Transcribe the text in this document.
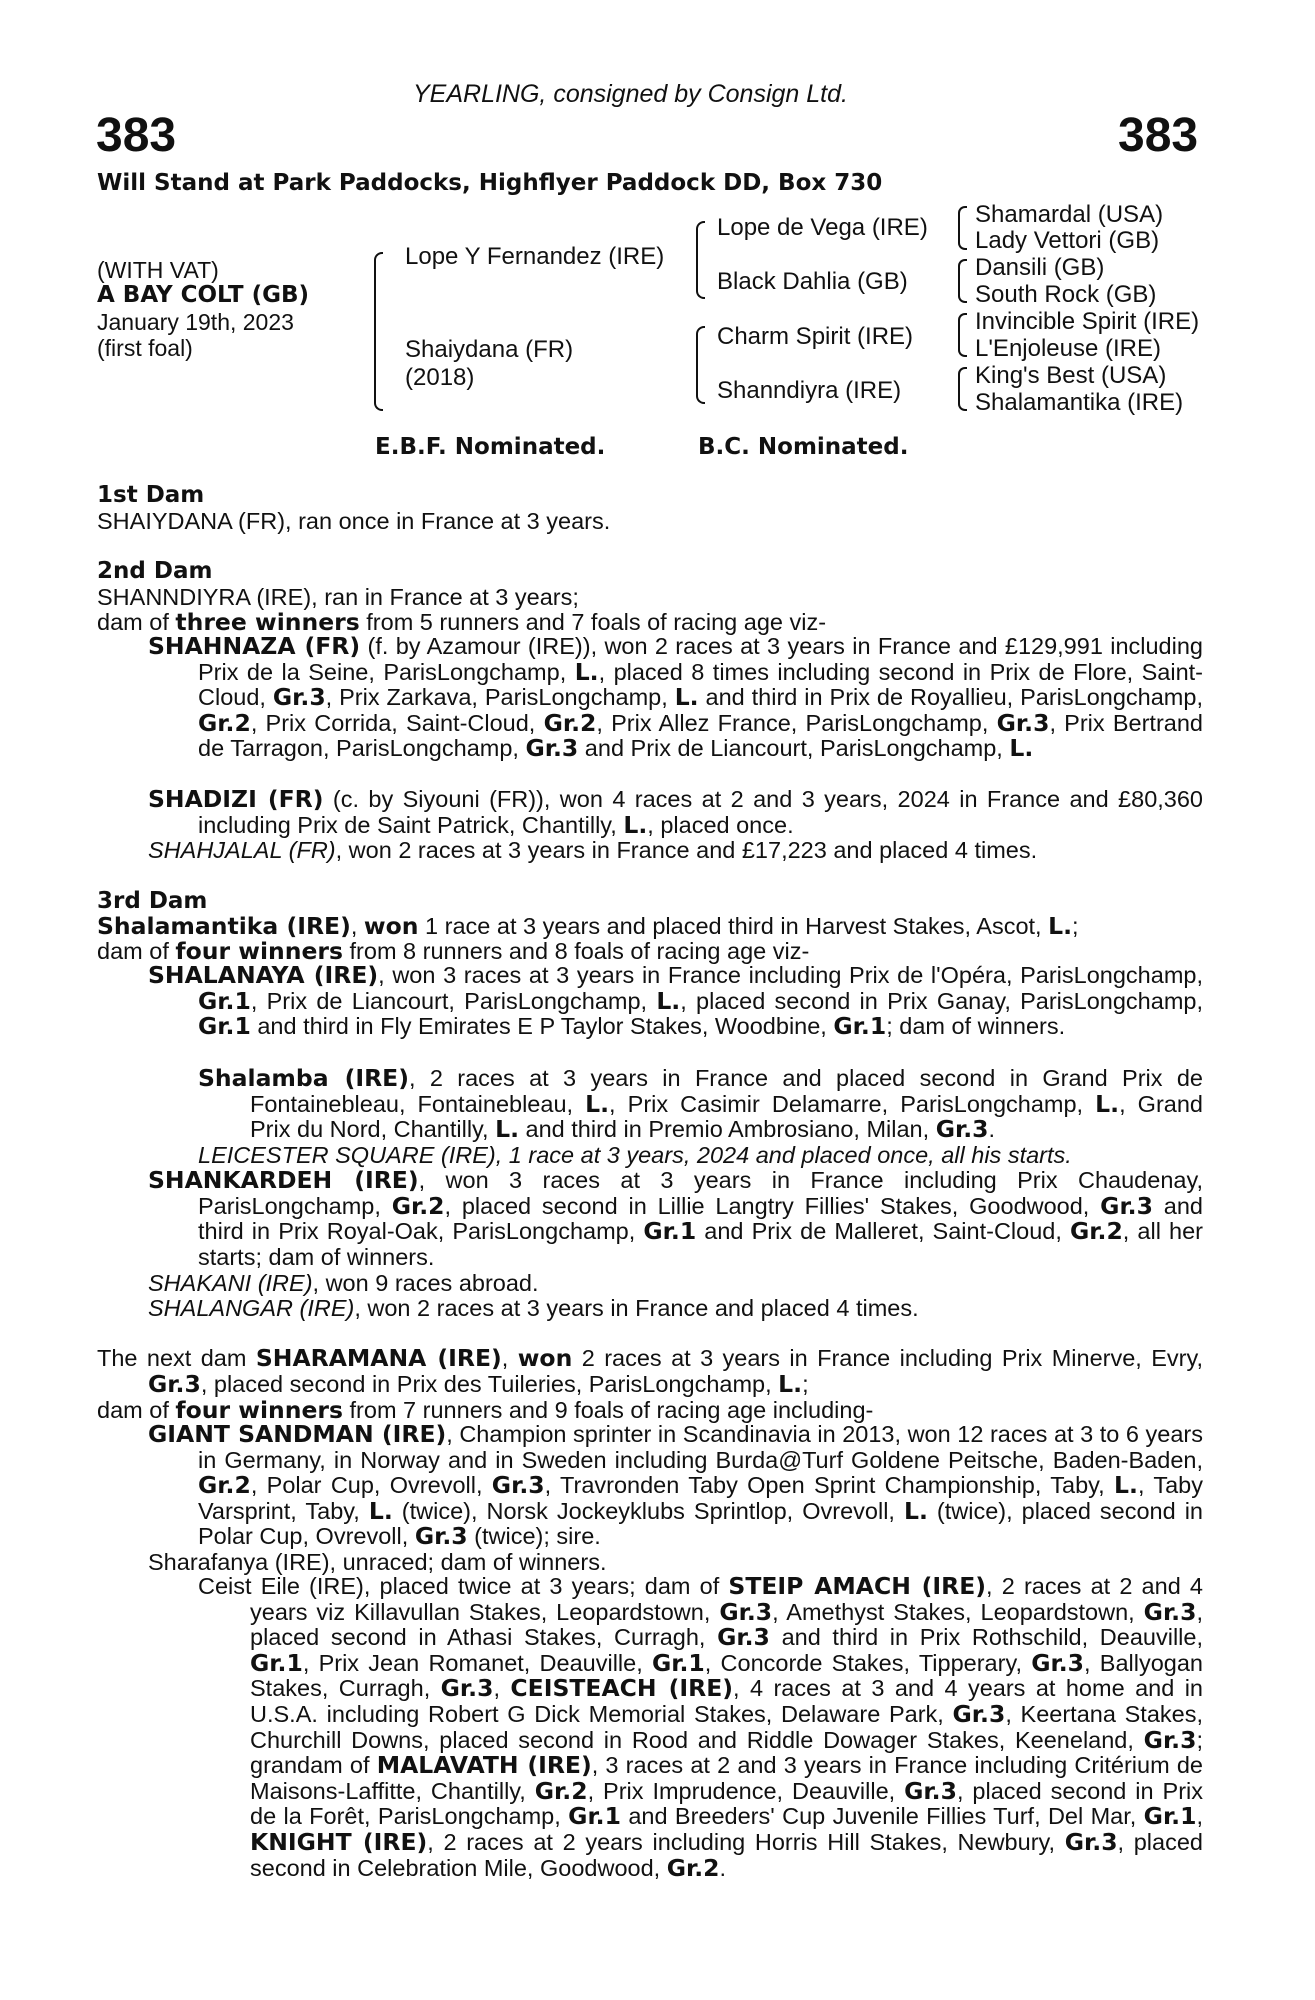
YEARLING, consigned by Consign Ltd.
383	383
Will Stand at Park Paddocks, Highflyer Paddock DD, Box 730
(WITH VAT)
A BAY COLT (GB)
January 19th, 2023
(first foal)
Lope Y Fernandez (IRE)
Shaiydana (FR)
(2018)
Lope de Vega (IRE)
Black Dahlia (GB)
Charm Spirit (IRE)
Shanndiyra (IRE)
Shamardal (USA)
Lady Vettori (GB)
Dansili (GB)
South Rock (GB)
Invincible Spirit (IRE)
L'Enjoleuse (IRE)
King's Best (USA)
Shalamantika (IRE)
E.B.F. Nominated.	B.C. Nominated.
1st Dam
SHAIYDANA (FR), ran once in France at 3 years.
2nd Dam
SHANNDIYRA (IRE), ran in France at 3 years;
dam of three winners from 5 runners and 7 foals of racing age viz-
SHAHNAZA (FR) (f. by Azamour (IRE)), won 2 races at 3 years in France and £129,991 including Prix de la Seine, ParisLongchamp, L., placed 8 times including second in Prix de Flore, Saint-Cloud, Gr.3, Prix Zarkava, ParisLongchamp, L. and third in Prix de Royallieu, ParisLongchamp, Gr.2, Prix Corrida, Saint-Cloud, Gr.2, Prix Allez France, ParisLongchamp, Gr.3, Prix Bertrand de Tarragon, ParisLongchamp, Gr.3 and Prix de Liancourt, ParisLongchamp, L.
SHADIZI (FR) (c. by Siyouni (FR)), won 4 races at 2 and 3 years, 2024 in France and £80,360 including Prix de Saint Patrick, Chantilly, L., placed once.
SHAHJALAL (FR), won 2 races at 3 years in France and £17,223 and placed 4 times.
3rd Dam
Shalamantika (IRE), won 1 race at 3 years and placed third in Harvest Stakes, Ascot, L.;
dam of four winners from 8 runners and 8 foals of racing age viz-
SHALANAYA (IRE), won 3 races at 3 years in France including Prix de l'Opéra, ParisLongchamp, Gr.1, Prix de Liancourt, ParisLongchamp, L., placed second in Prix Ganay, ParisLongchamp, Gr.1 and third in Fly Emirates E P Taylor Stakes, Woodbine, Gr.1; dam of winners.
Shalamba (IRE), 2 races at 3 years in France and placed second in Grand Prix de Fontainebleau, Fontainebleau, L., Prix Casimir Delamarre, ParisLongchamp, L., Grand Prix du Nord, Chantilly, L. and third in Premio Ambrosiano, Milan, Gr.3.
LEICESTER SQUARE (IRE), 1 race at 3 years, 2024 and placed once, all his starts.
SHANKARDEH (IRE), won 3 races at 3 years in France including Prix Chaudenay, ParisLongchamp, Gr.2, placed second in Lillie Langtry Fillies' Stakes, Goodwood, Gr.3 and third in Prix Royal-Oak, ParisLongchamp, Gr.1 and Prix de Malleret, Saint-Cloud, Gr.2, all her starts; dam of winners.
SHAKANI (IRE), won 9 races abroad.
SHALANGAR (IRE), won 2 races at 3 years in France and placed 4 times.
The next dam SHARAMANA (IRE), won 2 races at 3 years in France including Prix Minerve, Evry, Gr.3, placed second in Prix des Tuileries, ParisLongchamp, L.;
dam of four winners from 7 runners and 9 foals of racing age including-
GIANT SANDMAN (IRE), Champion sprinter in Scandinavia in 2013, won 12 races at 3 to 6 years in Germany, in Norway and in Sweden including Burda@Turf Goldene Peitsche, Baden-Baden, Gr.2, Polar Cup, Ovrevoll, Gr.3, Travronden Taby Open Sprint Championship, Taby, L., Taby Varsprint, Taby, L. (twice), Norsk Jockeyklubs Sprintlop, Ovrevoll, L. (twice), placed second in Polar Cup, Ovrevoll, Gr.3 (twice); sire.
Sharafanya (IRE), unraced; dam of winners.
Ceist Eile (IRE), placed twice at 3 years; dam of STEIP AMACH (IRE), 2 races at 2 and 4 years viz Killavullan Stakes, Leopardstown, Gr.3, Amethyst Stakes, Leopardstown, Gr.3, placed second in Athasi Stakes, Curragh, Gr.3 and third in Prix Rothschild, Deauville, Gr.1, Prix Jean Romanet, Deauville, Gr.1, Concorde Stakes, Tipperary, Gr.3, Ballyogan Stakes, Curragh, Gr.3, CEISTEACH (IRE), 4 races at 3 and 4 years at home and in U.S.A. including Robert G Dick Memorial Stakes, Delaware Park, Gr.3, Keertana Stakes, Churchill Downs, placed second in Rood and Riddle Dowager Stakes, Keeneland, Gr.3; grandam of MALAVATH (IRE), 3 races at 2 and 3 years in France including Critérium de Maisons-Laffitte, Chantilly, Gr.2, Prix Imprudence, Deauville, Gr.3, placed second in Prix de la Forêt, ParisLongchamp, Gr.1 and Breeders' Cup Juvenile Fillies Turf, Del Mar, Gr.1, KNIGHT (IRE), 2 races at 2 years including Horris Hill Stakes, Newbury, Gr.3, placed second in Celebration Mile, Goodwood, Gr.2.
